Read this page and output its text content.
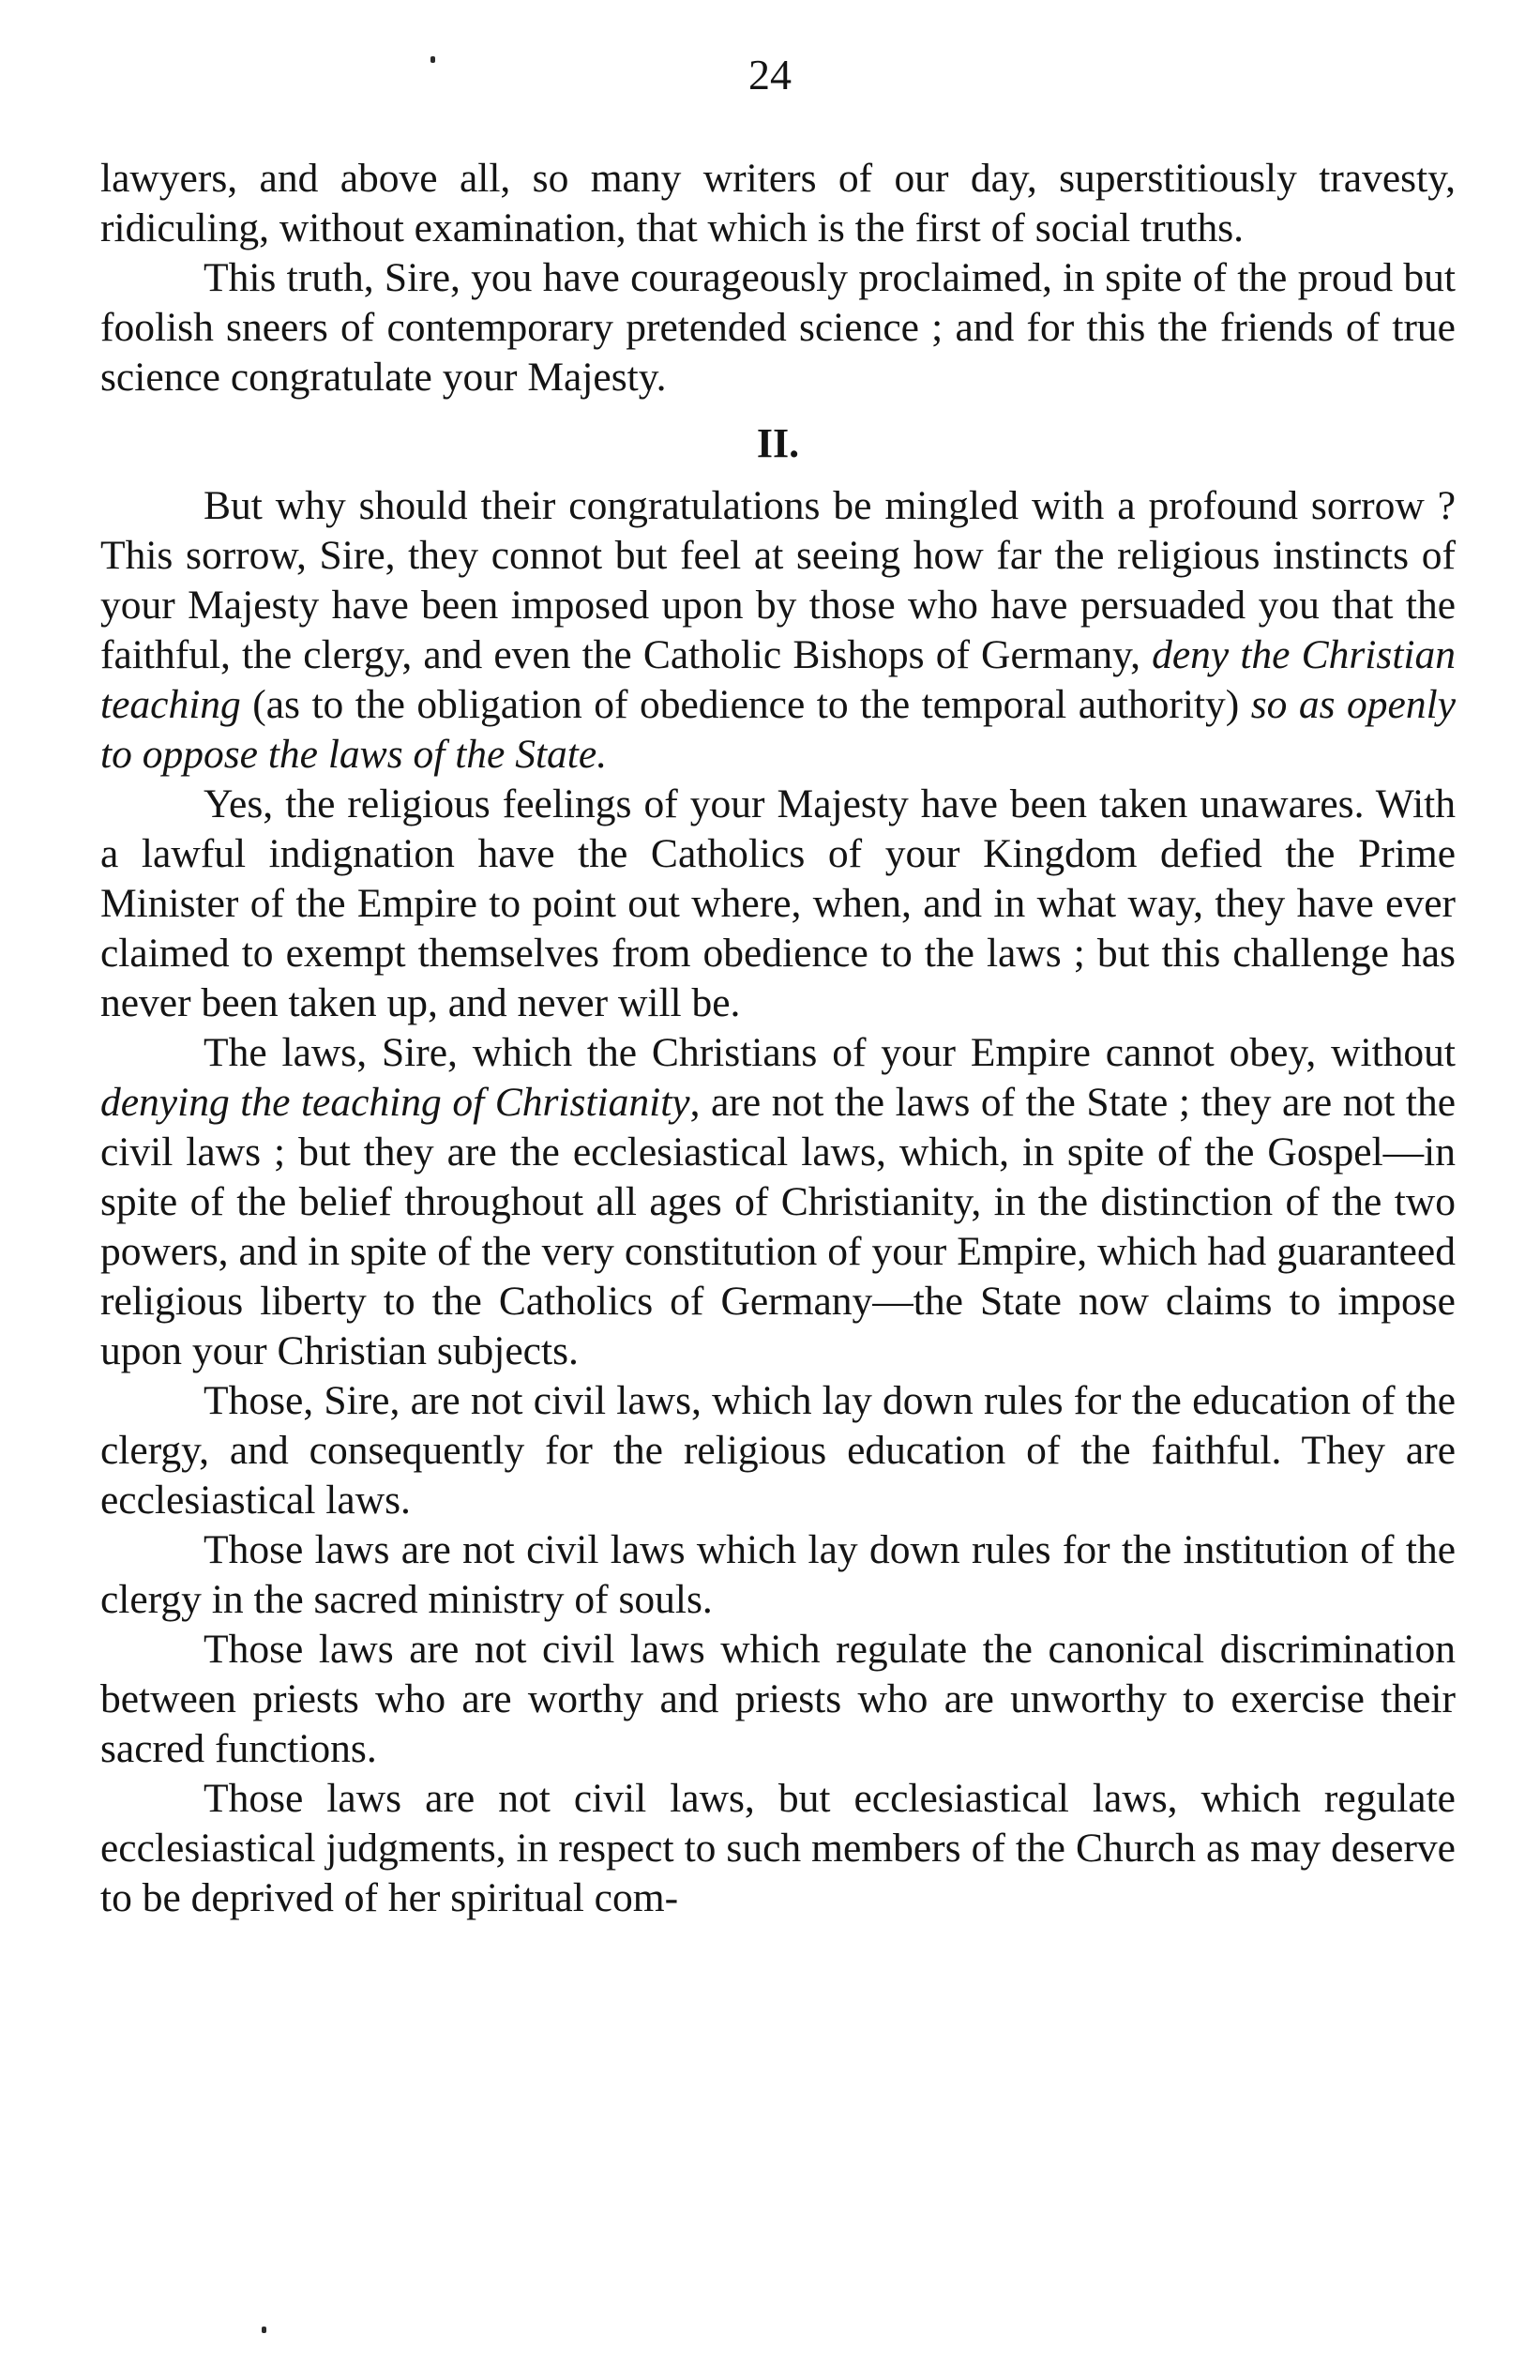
24

lawyers, and above all, so many writers of our day, superstitiously travesty, ridiculing, without examination, that which is the first of social truths.

This truth, Sire, you have courageously proclaimed, in spite of the proud but foolish sneers of contemporary pretended science ; and for this the friends of true science congratulate your Majesty.

II.

But why should their congratulations be mingled with a profound sorrow ? This sorrow, Sire, they connot but feel at seeing how far the religious instincts of your Majesty have been imposed upon by those who have persuaded you that the faithful, the clergy, and even the Catholic Bishops of Germany, deny the Christian teaching (as to the obligation of obedience to the temporal authority) so as openly to oppose the laws of the State.

Yes, the religious feelings of your Majesty have been taken unawares. With a lawful indignation have the Catholics of your Kingdom defied the Prime Minister of the Empire to point out where, when, and in what way, they have ever claimed to exempt themselves from obedience to the laws ; but this challenge has never been taken up, and never will be.

The laws, Sire, which the Christians of your Empire cannot obey, without denying the teaching of Christianity, are not the laws of the State ; they are not the civil laws ; but they are the ecclesiastical laws, which, in spite of the Gospel—in spite of the belief throughout all ages of Christianity, in the distinction of the two powers, and in spite of the very constitution of your Empire, which had guaranteed religious liberty to the Catholics of Germany—the State now claims to impose upon your Christian subjects.

Those, Sire, are not civil laws, which lay down rules for the education of the clergy, and consequently for the religious education of the faithful. They are ecclesiastical laws.

Those laws are not civil laws which lay down rules for the institution of the clergy in the sacred ministry of souls.

Those laws are not civil laws which regulate the canonical discrimination between priests who are worthy and priests who are unworthy to exercise their sacred functions.

Those laws are not civil laws, but ecclesiastical laws, which regulate ecclesiastical judgments, in respect to such members of the Church as may deserve to be deprived of her spiritual com-
